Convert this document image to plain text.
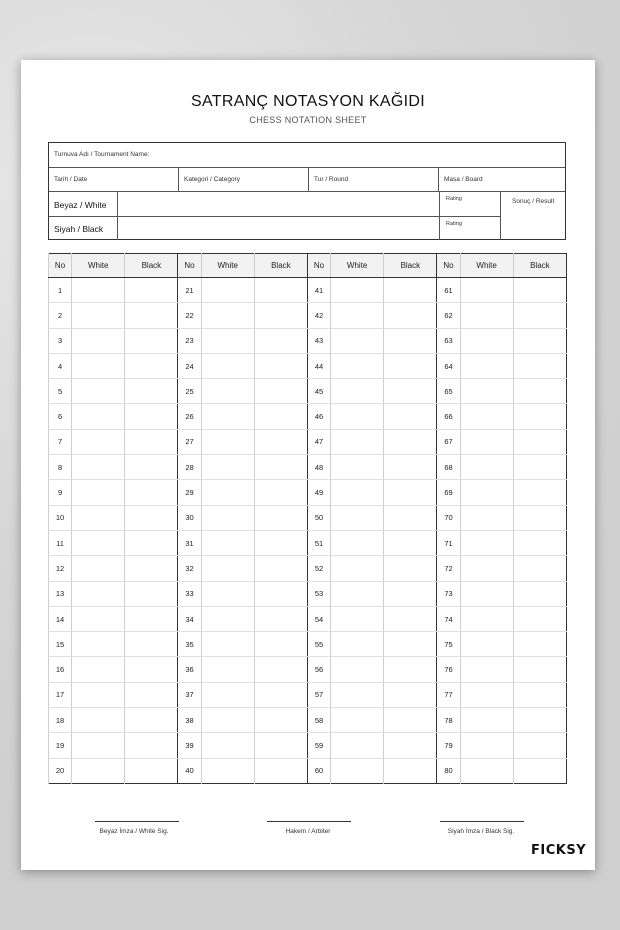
SATRANÇ NOTASYON KAĞIDI
CHESS NOTATION SHEET
Turnuva Adı / Tournament Name:
Tarih / Date	Kategori / Category	Tur / Round	Masa / Board
Beyaz / White
Rating
Siyah / Black	Rating
Sonuç / Result
No	White	Black	No	White	Black	No	White	Black	No	White	Black
1			21			41			61		
2			22			42			62		
3			23			43			63		
4			24			44			64		
5			25			45			65		
6			26			46			66		
7			27			47			67		
8			28			48			68		
9			29			49			69		
10			30			50			70		
11			31			51			71		
12			32			52			72		
13			33			53			73		
14			34			54			74		
15			35			55			75		
16			36			56			76		
17			37			57			77		
18			38			58			78		
19			39			59			79		
20			40			60			80		
Beyaz İmza / White Sig.	Hakem / Arbiter	Siyah İmza / Black Sig.
FICKSY
